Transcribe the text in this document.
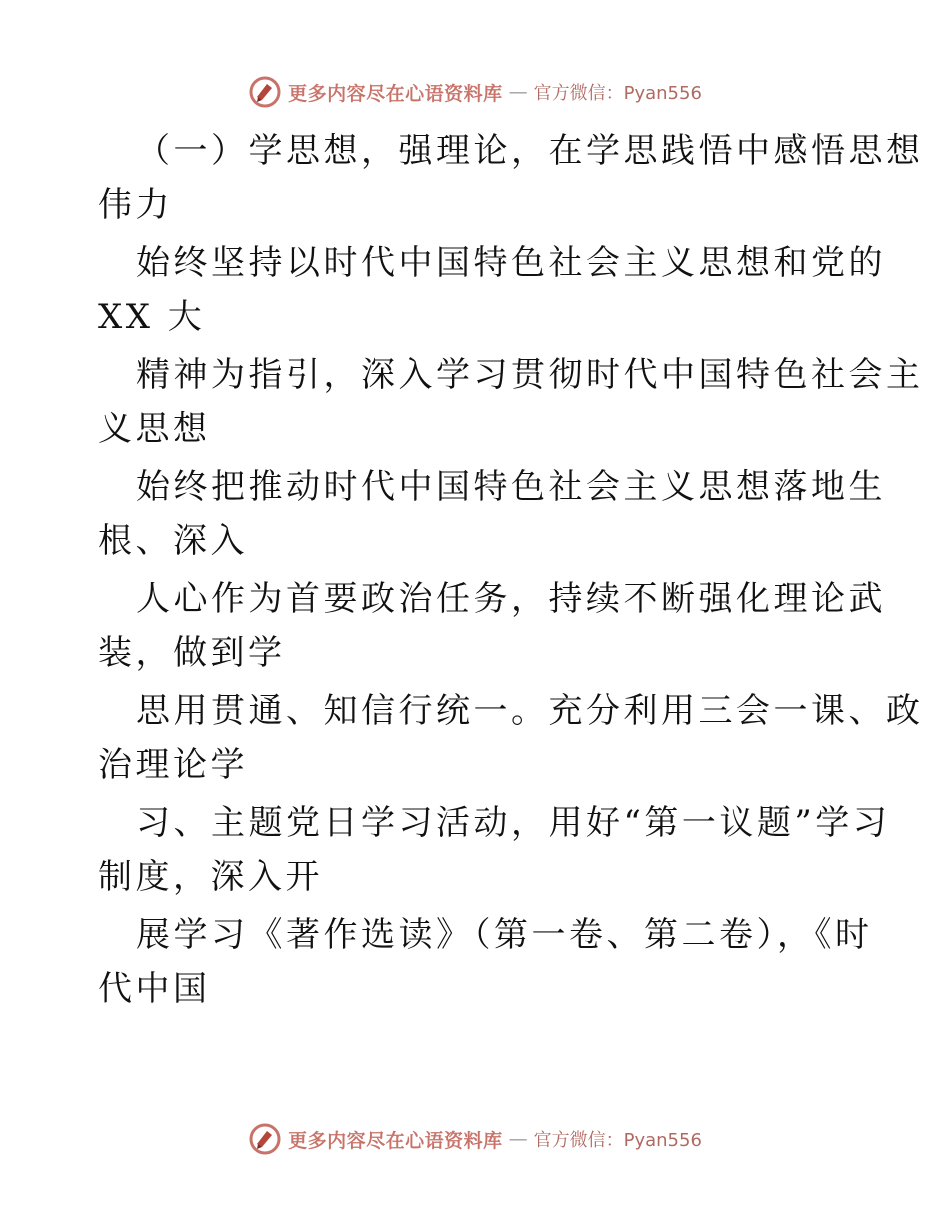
更多内容尽在心语资料库 — 官方微信：Pyan556
（一）学思想，强理论，在学思践悟中感悟思想
伟力
始终坚持以时代中国特色社会主义思想和党的
XX 大
精神为指引，深入学习贯彻时代中国特色社会主
义思想
始终把推动时代中国特色社会主义思想落地生
根、深入
人心作为首要政治任务，持续不断强化理论武
装，做到学
思用贯通、知信行统一。充分利用三会一课、政
治理论学
习、主题党日学习活动，用好“第一议题”学习
制度，深入开
展学习《著作选读》（第一卷、第二卷），《时
代中国
更多内容尽在心语资料库 — 官方微信：Pyan556
